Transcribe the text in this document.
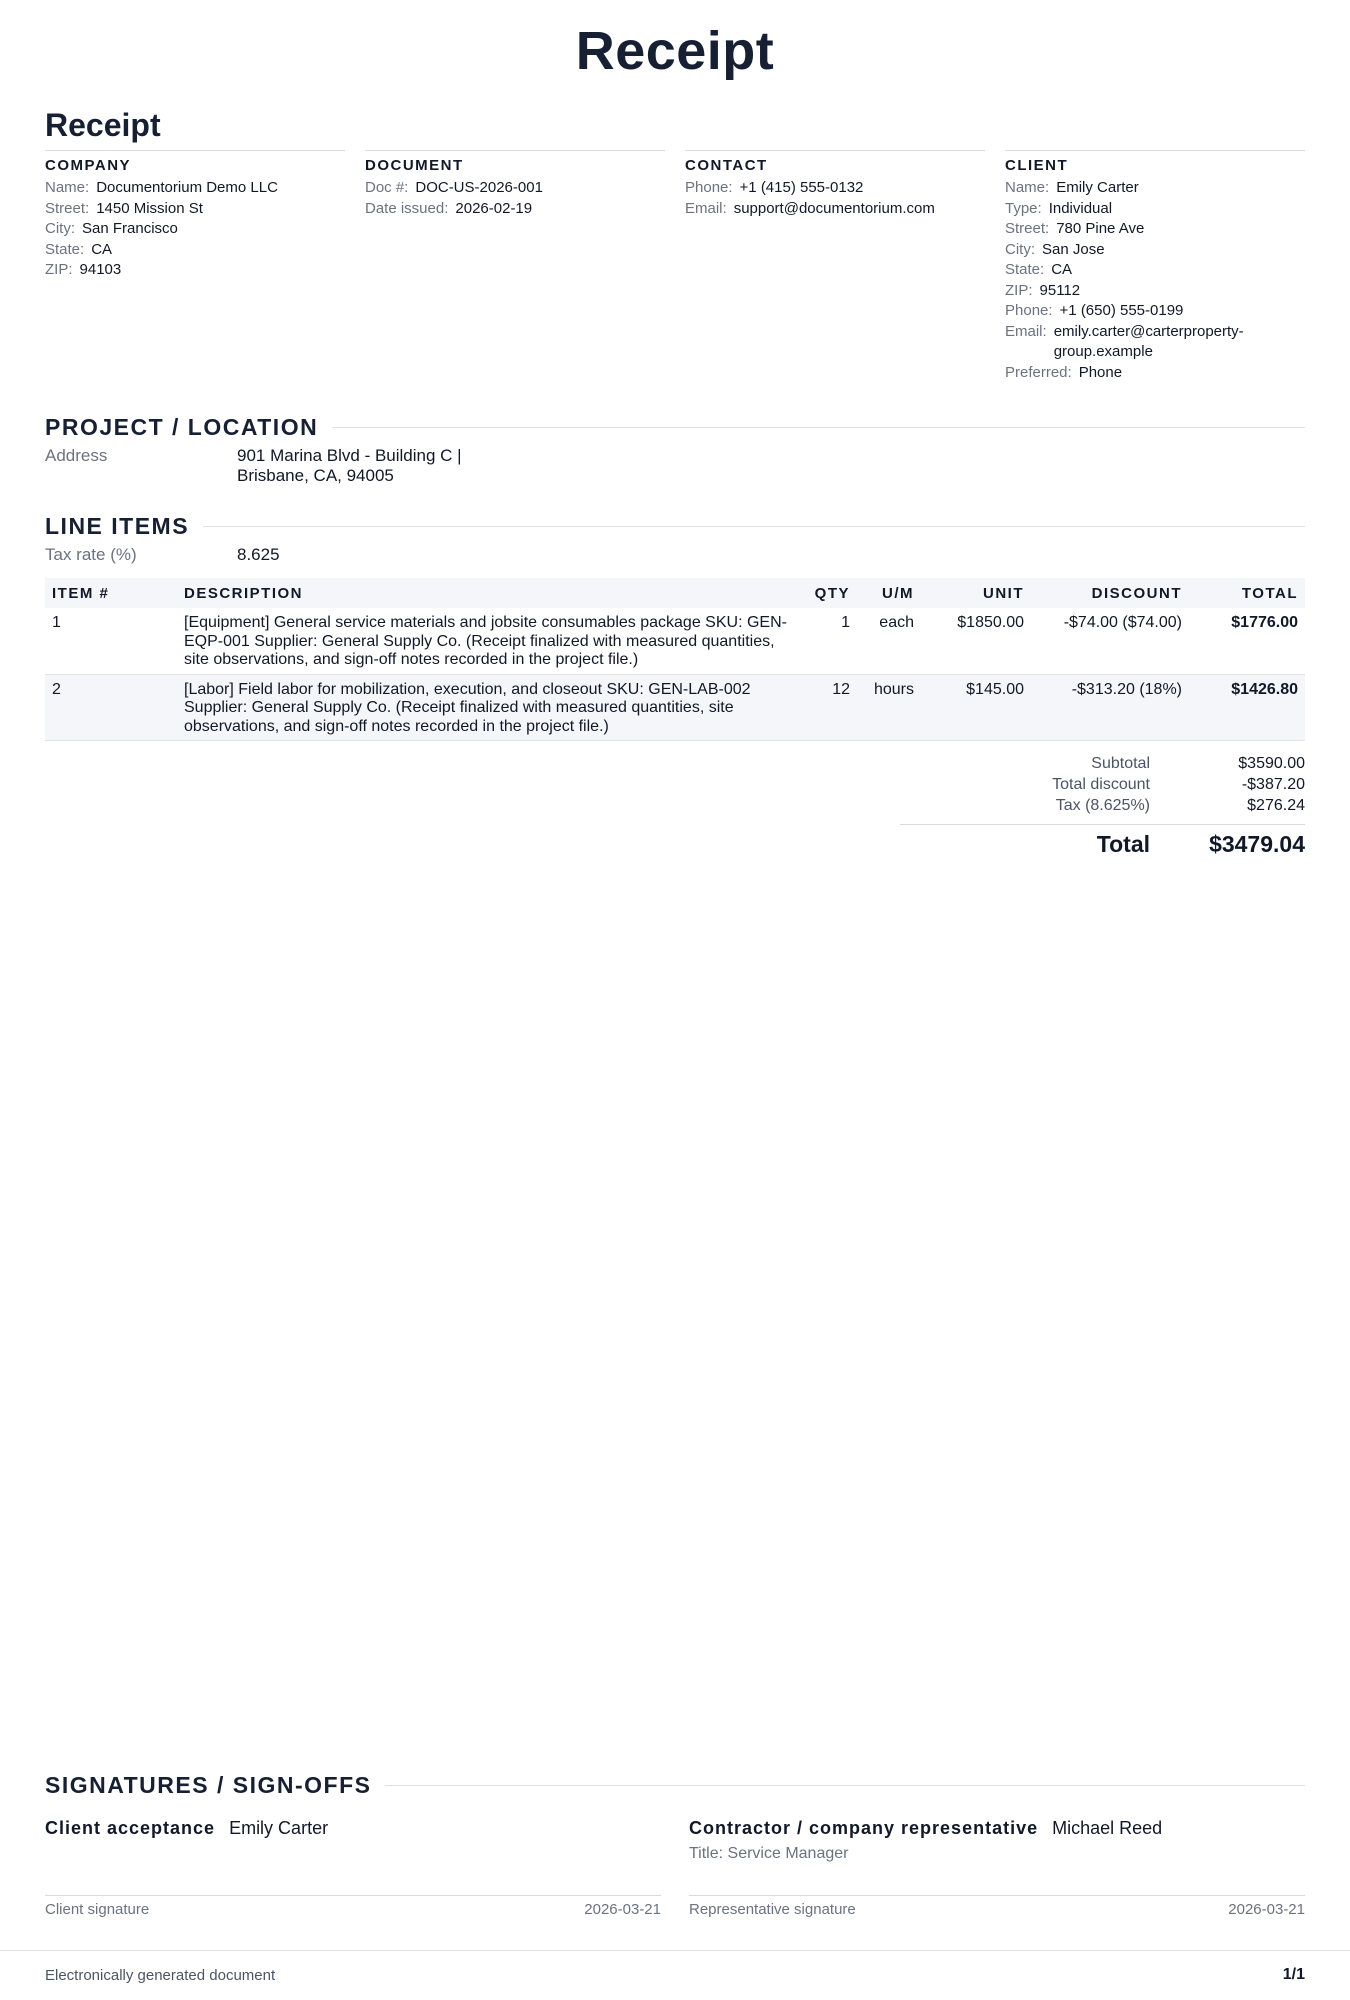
Receipt
Receipt
COMPANY
Name: Documentorium Demo LLC
Street: 1450 Mission St
City: San Francisco
State: CA
ZIP: 94103
DOCUMENT
Doc #: DOC-US-2026-001
Date issued: 2026-02-19
CONTACT
Phone: +1 (415) 555-0132
Email: support@documentorium.com
CLIENT
Name: Emily Carter
Type: Individual
Street: 780 Pine Ave
City: San Jose
State: CA
ZIP: 95112
Phone: +1 (650) 555-0199
Email: emily.carter@carterproperty-group.example
Preferred: Phone
PROJECT / LOCATION
Address	901 Marina Blvd - Building C |
Brisbane, CA, 94005
LINE ITEMS
Tax rate (%)	8.625
ITEM #	DESCRIPTION	QTY	U/M	UNIT	DISCOUNT	TOTAL
1	[Equipment] General service materials and jobsite consumables package SKU: GEN-EQP-001 Supplier: General Supply Co. (Receipt finalized with measured quantities, site observations, and sign-off notes recorded in the project file.)	1	each	$1850.00	-$74.00 ($74.00)	$1776.00
2	[Labor] Field labor for mobilization, execution, and closeout SKU: GEN-LAB-002 Supplier: General Supply Co. (Receipt finalized with measured quantities, site observations, and sign-off notes recorded in the project file.)	12	hours	$145.00	-$313.20 (18%)	$1426.80
Subtotal	$3590.00
Total discount	-$387.20
Tax (8.625%)	$276.24
Total	$3479.04
SIGNATURES / SIGN-OFFS
Client acceptance Emily Carter
Client signature	2026-03-21
Contractor / company representative Michael Reed
Title: Service Manager
Representative signature	2026-03-21
Electronically generated document	1/1
